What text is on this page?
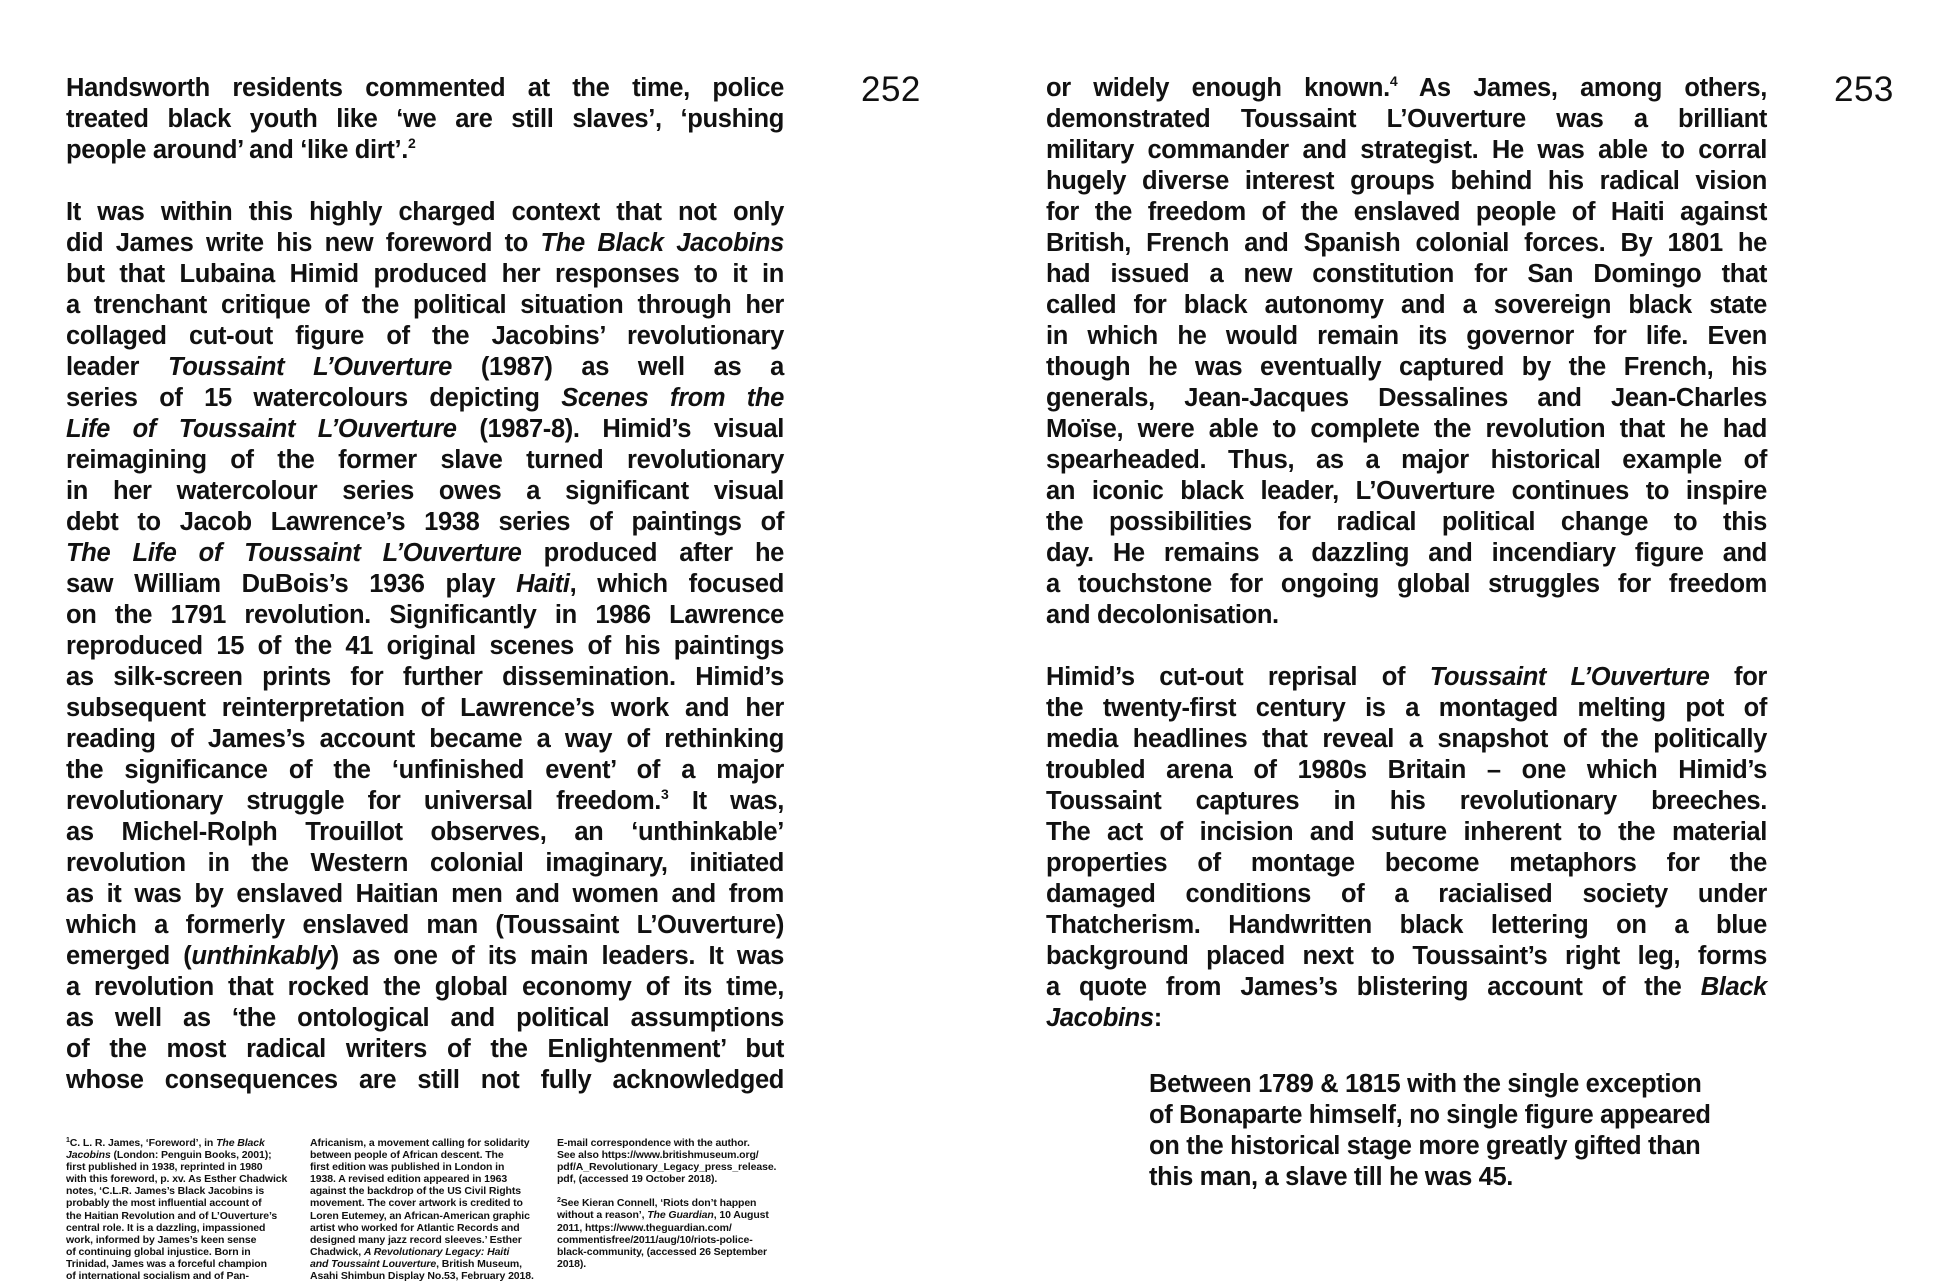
252
Handsworth residents commented at the time, police
treated black youth like ‘we are still slaves’, ‘pushing
people around’ and ‘like dirt’.$^2$
It was within this highly charged context that not only
did James write his new foreword to The Black Jacobins
but that Lubaina Himid produced her responses to it in
a trenchant critique of the political situation through her
collaged cut-out figure of the Jacobins’ revolutionary
leader Toussaint L’Ouverture (1987) as well as a
series of 15 watercolours depicting Scenes from the
Life of Toussaint L’Ouverture (1987-8). Himid’s visual
reimagining of the former slave turned revolutionary
in her watercolour series owes a significant visual
debt to Jacob Lawrence’s 1938 series of paintings of
The Life of Toussaint L’Ouverture produced after he
saw William DuBois’s 1936 play Haiti, which focused
on the 1791 revolution. Significantly in 1986 Lawrence
reproduced 15 of the 41 original scenes of his paintings
as silk-screen prints for further dissemination. Himid’s
subsequent reinterpretation of Lawrence’s work and her
reading of James’s account became a way of rethinking
the significance of the ‘unfinished event’ of a major
revolutionary struggle for universal freedom.$^3$ It was,
as Michel-Rolph Trouillot observes, an ‘unthinkable’
revolution in the Western colonial imaginary, initiated
as it was by enslaved Haitian men and women and from
which a formerly enslaved man (Toussaint L’Ouverture)
emerged (unthinkably) as one of its main leaders. It was
a revolution that rocked the global economy of its time,
as well as ‘the ontological and political assumptions
of the most radical writers of the Enlightenment’ but
whose consequences are still not fully acknowledged
$^1$C. L. R. James, ‘Foreword’, in The Black
Jacobins (London: Penguin Books, 2001);
first published in 1938, reprinted in 1980
with this foreword, p. xv. As Esther Chadwick
notes, ‘C.L.R. James’s Black Jacobins is
probably the most influential account of
the Haitian Revolution and of L’Ouverture’s
central role. It is a dazzling, impassioned
work, informed by James’s keen sense
of continuing global injustice. Born in
Trinidad, James was a forceful champion
of international socialism and of Pan-
Africanism, a movement calling for solidarity
between people of African descent. The
first edition was published in London in
1938. A revised edition appeared in 1963
against the backdrop of the US Civil Rights
movement. The cover artwork is credited to
Loren Eutemey, an African-American graphic
artist who worked for Atlantic Records and
designed many jazz record sleeves.’ Esther
Chadwick, A Revolutionary Legacy: Haiti
and Toussaint Louverture, British Museum,
Asahi Shimbun Display No.53, February 2018.
E-mail correspondence with the author.
See also https://www.britishmuseum.org/
pdf/A_Revolutionary_Legacy_press_release.
pdf, (accessed 19 October 2018).
$^2$See Kieran Connell, ‘Riots don’t happen
without a reason’, The Guardian, 10 August
2011, https://www.theguardian.com/
commentisfree/2011/aug/10/riots-police-
black-community, (accessed 26 September
2018).
253
or widely enough known.$^4$ As James, among others,
demonstrated Toussaint L’Ouverture was a brilliant
military commander and strategist. He was able to corral
hugely diverse interest groups behind his radical vision
for the freedom of the enslaved people of Haiti against
British, French and Spanish colonial forces. By 1801 he
had issued a new constitution for San Domingo that
called for black autonomy and a sovereign black state
in which he would remain its governor for life. Even
though he was eventually captured by the French, his
generals, Jean-Jacques Dessalines and Jean-Charles
Moïse, were able to complete the revolution that he had
spearheaded. Thus, as a major historical example of
an iconic black leader, L’Ouverture continues to inspire
the possibilities for radical political change to this
day. He remains a dazzling and incendiary figure and
a touchstone for ongoing global struggles for freedom
and decolonisation.
Himid’s cut-out reprisal of Toussaint L’Ouverture for
the twenty-first century is a montaged melting pot of
media headlines that reveal a snapshot of the politically
troubled arena of 1980s Britain – one which Himid’s
Toussaint captures in his revolutionary breeches.
The act of incision and suture inherent to the material
properties of montage become metaphors for the
damaged conditions of a racialised society under
Thatcherism. Handwritten black lettering on a blue
background placed next to Toussaint’s right leg, forms
a quote from James’s blistering account of the Black
Jacobins:
Between 1789 & 1815 with the single exception
of Bonaparte himself, no single figure appeared
on the historical stage more greatly gifted than
this man, a slave till he was 45.
